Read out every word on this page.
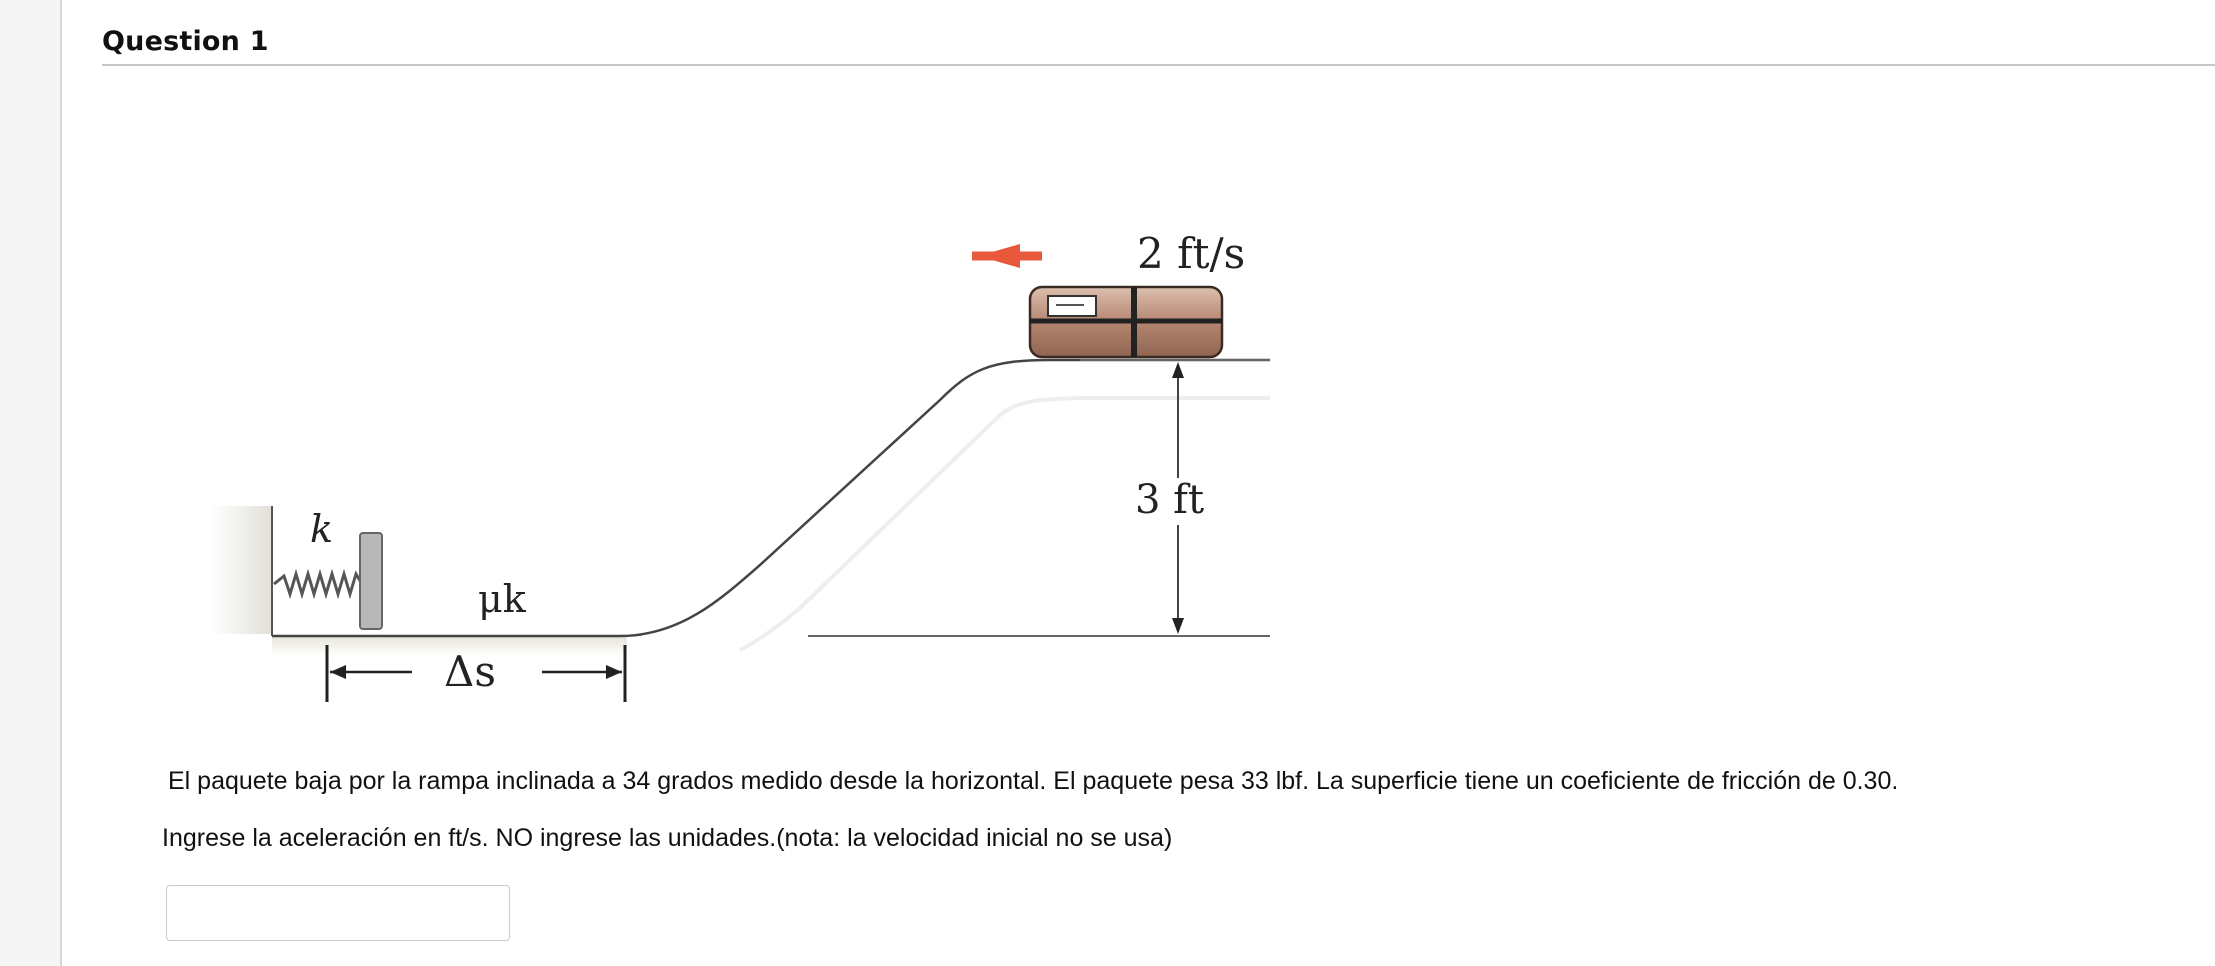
Question 1
k
μk
Δs
2 ft/s
3 ft
El paquete baja por la rampa inclinada a 34 grados medido desde la horizontal. El paquete pesa 33 lbf. La superficie tiene un coeficiente de fricción de 0.30.
Ingrese la aceleración en ft/s. NO ingrese las unidades.(nota: la velocidad inicial no se usa)
